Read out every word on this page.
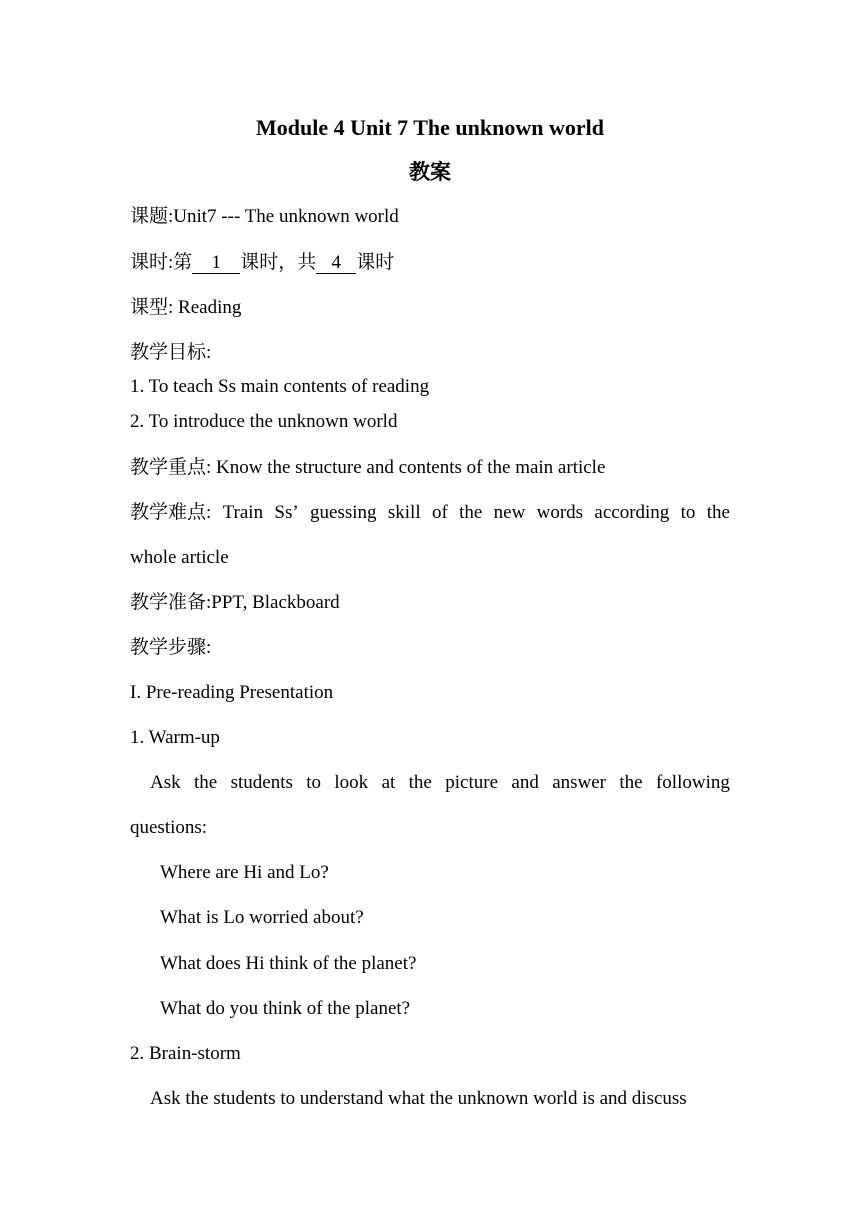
Module 4 Unit 7 The unknown world
教案
课题:Unit7 --- The unknown world
课时:第 1 课时，共 4 课时
课型: Reading
教学目标:
1. To teach Ss main contents of reading
2. To introduce the unknown world
教学重点: Know the structure and contents of the main article
教学难点: Train Ss’ guessing skill of the new words according to the
whole article
教学准备:PPT, Blackboard
教学步骤:
I. Pre-reading Presentation
1. Warm-up
Ask the students to look at the picture and answer the following
questions:
Where are Hi and Lo?
What is Lo worried about?
What does Hi think of the planet?
What do you think of the planet?
2. Brain-storm
Ask the students to understand what the unknown world is and discuss
